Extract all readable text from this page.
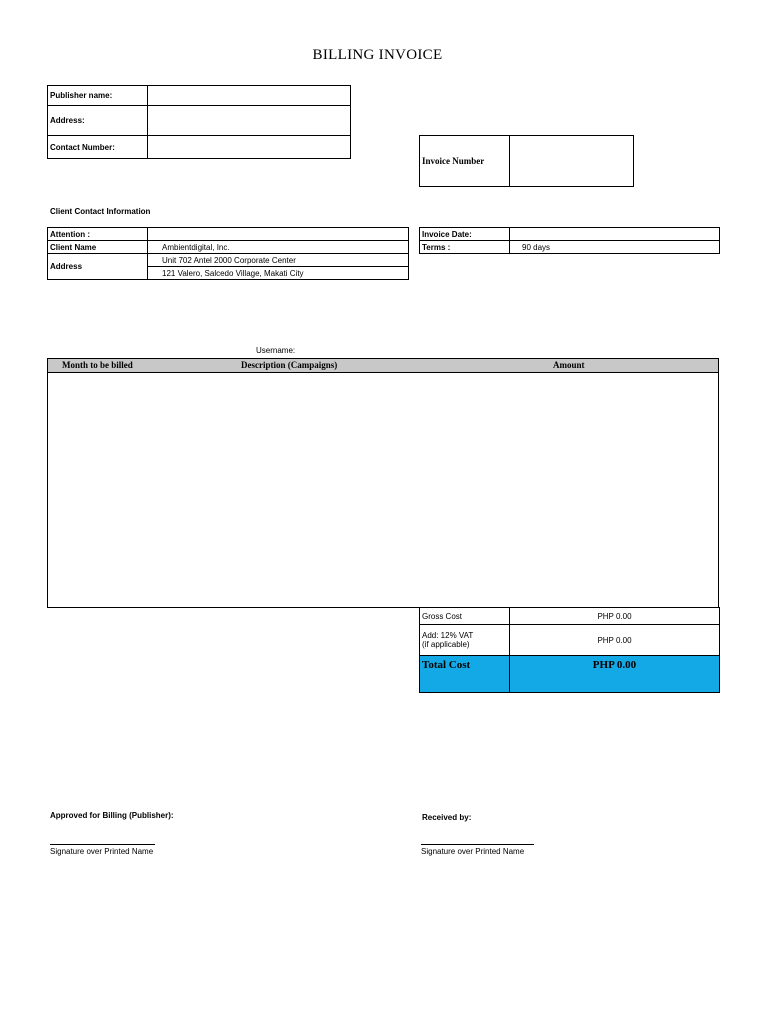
BILLING INVOICE
Publisher name:	
Address:	
Contact Number:	
Invoice Number	
Client Contact Information
Attention :	
Client Name	Ambientdigital, Inc.
Address	Unit 702 Antel 2000 Corporate Center
	121 Valero, Salcedo Village, Makati City
Invoice Date:	
Terms :	90 days
Username:
Month to be billed	Description (Campaigns)	Amount
Gross Cost	PHP 0.00

Add: 12% VAT
(if applicable)	PHP 0.00
Total Cost	PHP 0.00
Approved for Billing (Publisher):
Signature over Printed Name
Received by:
Signature over Printed Name
